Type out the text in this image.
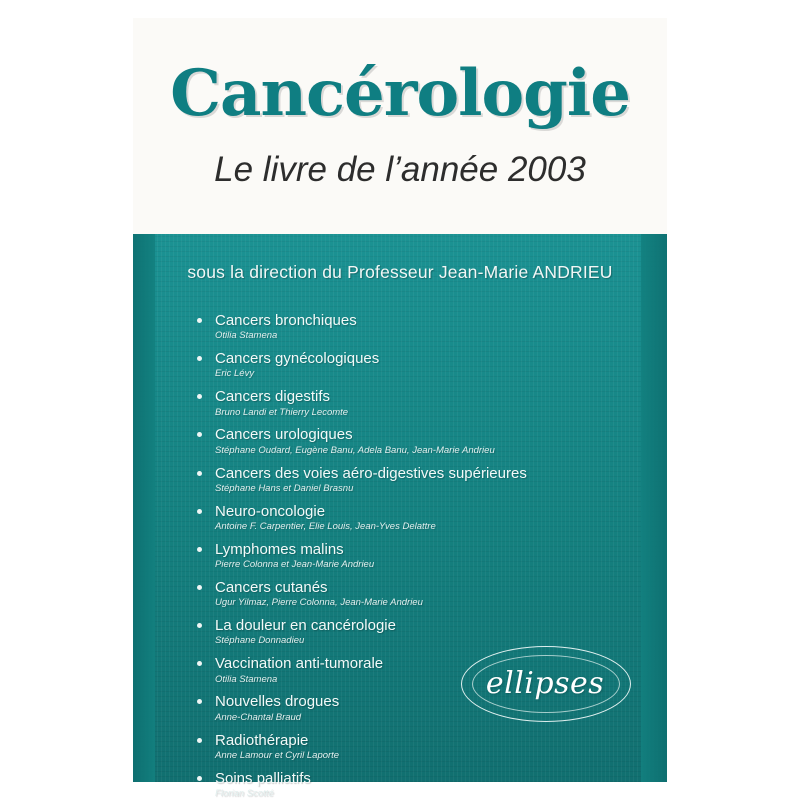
Cancérologie
Le livre de l’année 2003
sous la direction du Professeur Jean-Marie ANDRIEU
Cancers bronchiques
Otilia Stamena
Cancers gynécologiques
Eric Lévy
Cancers digestifs
Bruno Landi et Thierry Lecomte
Cancers urologiques
Stéphane Oudard, Eugène Banu, Adela Banu, Jean-Marie Andrieu
Cancers des voies aéro-digestives supérieures
Stéphane Hans et Daniel Brasnu
Neuro-oncologie
Antoine F. Carpentier, Elie Louis, Jean-Yves Delattre
Lymphomes malins
Pierre Colonna et Jean-Marie Andrieu
Cancers cutanés
Ugur Yilmaz, Pierre Colonna, Jean-Marie Andrieu
La douleur en cancérologie
Stéphane Donnadieu
Vaccination anti-tumorale
Otilia Stamena
Nouvelles drogues
Anne-Chantal Braud
Radiothérapie
Anne Lamour et Cyril Laporte
Soins palliatifs
Florian Scotté
ellipses
